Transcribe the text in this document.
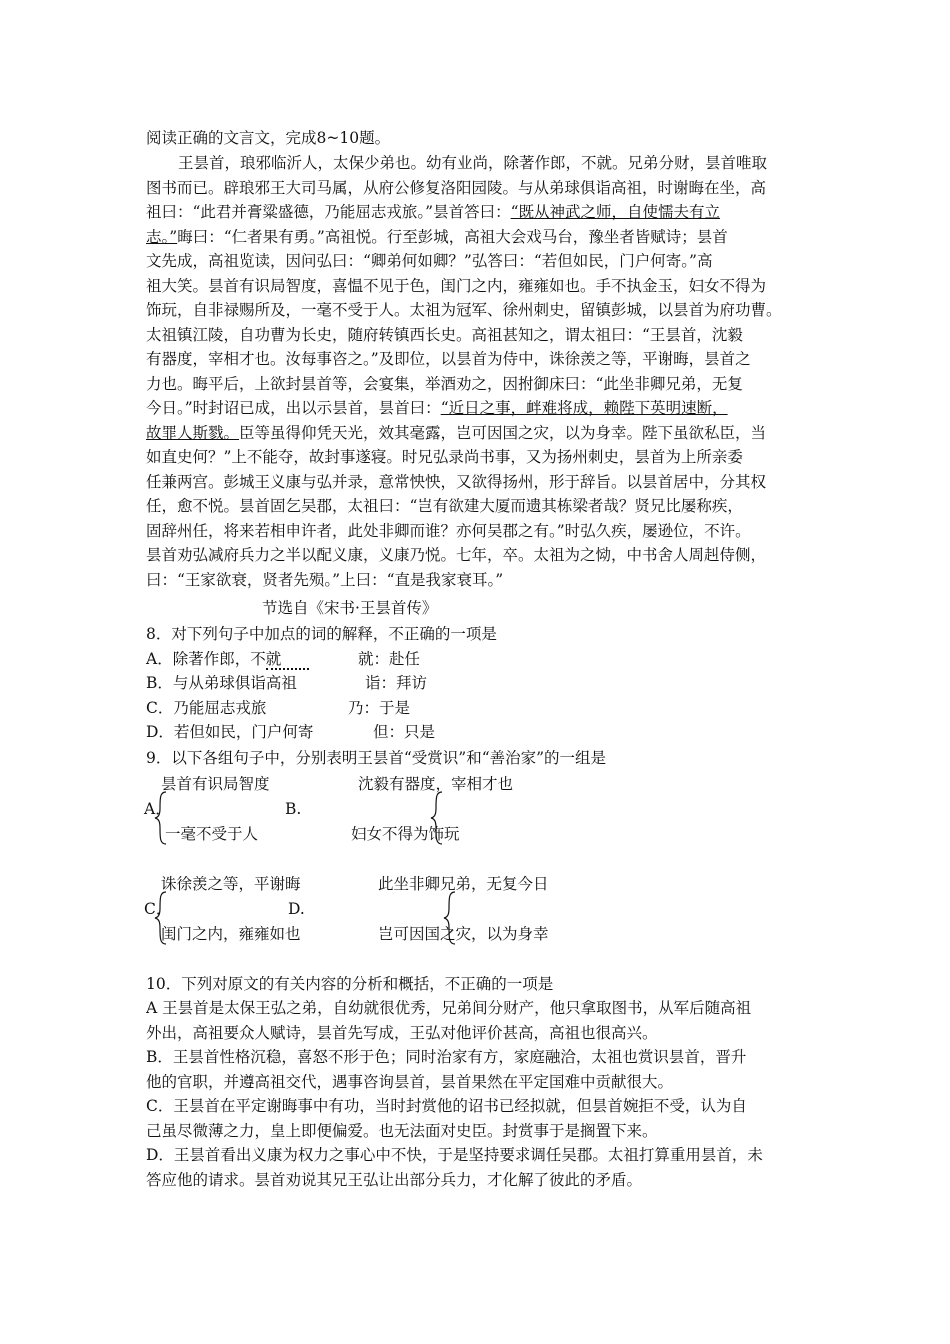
阅读正确的文言文，完成8~10题。
王昙首，琅邪临沂人，太保少弟也。幼有业尚，除著作郎，不就。兄弟分财，昙首唯取
图书而已。辟琅邪王大司马属，从府公修复洛阳园陵。与从弟球俱诣高祖，时谢晦在坐，高
祖曰：“此君并膏粱盛德，乃能屈志戎旅。”昙首答曰：“既从神武之师，自使懦夫有立
志。”晦曰：“仁者果有勇。”高祖悦。行至彭城，高祖大会戏马台，豫坐者皆赋诗；昙首
文先成，高祖览读，因问弘曰：“卿弟何如卿？”弘答曰：“若但如民，门户何寄。”高
祖大笑。昙首有识局智度，喜愠不见于色，闺门之内，雍雍如也。手不执金玉，妇女不得为
饰玩，自非禄赐所及，一毫不受于人。太祖为冠军、徐州刺史，留镇彭城，以昙首为府功曹。
太祖镇江陵，自功曹为长史，随府转镇西长史。高祖甚知之，谓太祖曰：“王昙首，沈毅
有器度，宰相才也。汝每事咨之。”及即位，以昙首为侍中，诛徐羡之等，平谢晦，昙首之
力也。晦平后，上欲封昙首等，会宴集，举酒劝之，因拊御床曰：“此坐非卿兄弟，无复
今日。”时封诏已成，出以示昙首，昙首曰：“近日之事，衅难将成，赖陛下英明速断，
故罪人斯戮。臣等虽得仰凭天光，效其毫露，岂可因国之灾，以为身幸。陛下虽欲私臣，当
如直史何？”上不能夺，故封事遂寝。时兄弘录尚书事，又为扬州刺史，昙首为上所亲委
任兼两宫。彭城王义康与弘并录，意常怏怏，又欲得扬州，形于辞旨。以昙首居中，分其权
任，愈不悦。昙首固乞吴郡，太祖曰：“岂有欲建大厦而遗其栋梁者哉？贤兄比屡称疾，
固辞州任，将来若相申许者，此处非卿而谁？亦何吴郡之有。”时弘久疾，屡逊位，不许。
昙首劝弘减府兵力之半以配义康，义康乃悦。七年，卒。太祖为之恸，中书舍人周赳侍侧，
曰：“王家欲衰，贤者先殒。”上曰：“直是我家衰耳。”
节选自《宋书·王昙首传》
8．对下列句子中加点的词的解释，不正确的一项是
A．除著作郎，不就	就：赴任
B．与从弟球俱诣高祖	诣：拜访
C．乃能屈志戎旅	乃：于是
D．若但如民，门户何寄	但：只是
9．以下各组句子中，分别表明王昙首“受赏识”和“善治家”的一组是
昙首有识局智度
A．
一毫不受于人
沈毅有器度，宰相才也
B.
妇女不得为饰玩
诛徐羡之等，平谢晦
C．
闺门之内，雍雍如也
此坐非卿兄弟，无复今日
D.
岂可因国之灾，以为身幸
10．下列对原文的有关内容的分析和概括，不正确的一项是
A 王昙首是太保王弘之弟，自幼就很优秀，兄弟间分财产，他只拿取图书，从军后随高祖
外出，高祖要众人赋诗，昙首先写成，王弘对他评价甚高，高祖也很高兴。
B．王昙首性格沉稳，喜怒不形于色；同时治家有方，家庭融洽，太祖也赏识昙首，晋升
他的官职，并遵高祖交代，遇事咨询昙首，昙首果然在平定国难中贡献很大。
C．王昙首在平定谢晦事中有功，当时封赏他的诏书已经拟就，但昙首婉拒不受，认为自
己虽尽微薄之力，皇上即便偏爱。也无法面对史臣。封赏事于是搁置下来。
D．王昙首看出义康为权力之事心中不快，于是坚持要求调任吴郡。太祖打算重用昙首，未
答应他的请求。昙首劝说其兄王弘让出部分兵力，才化解了彼此的矛盾。
